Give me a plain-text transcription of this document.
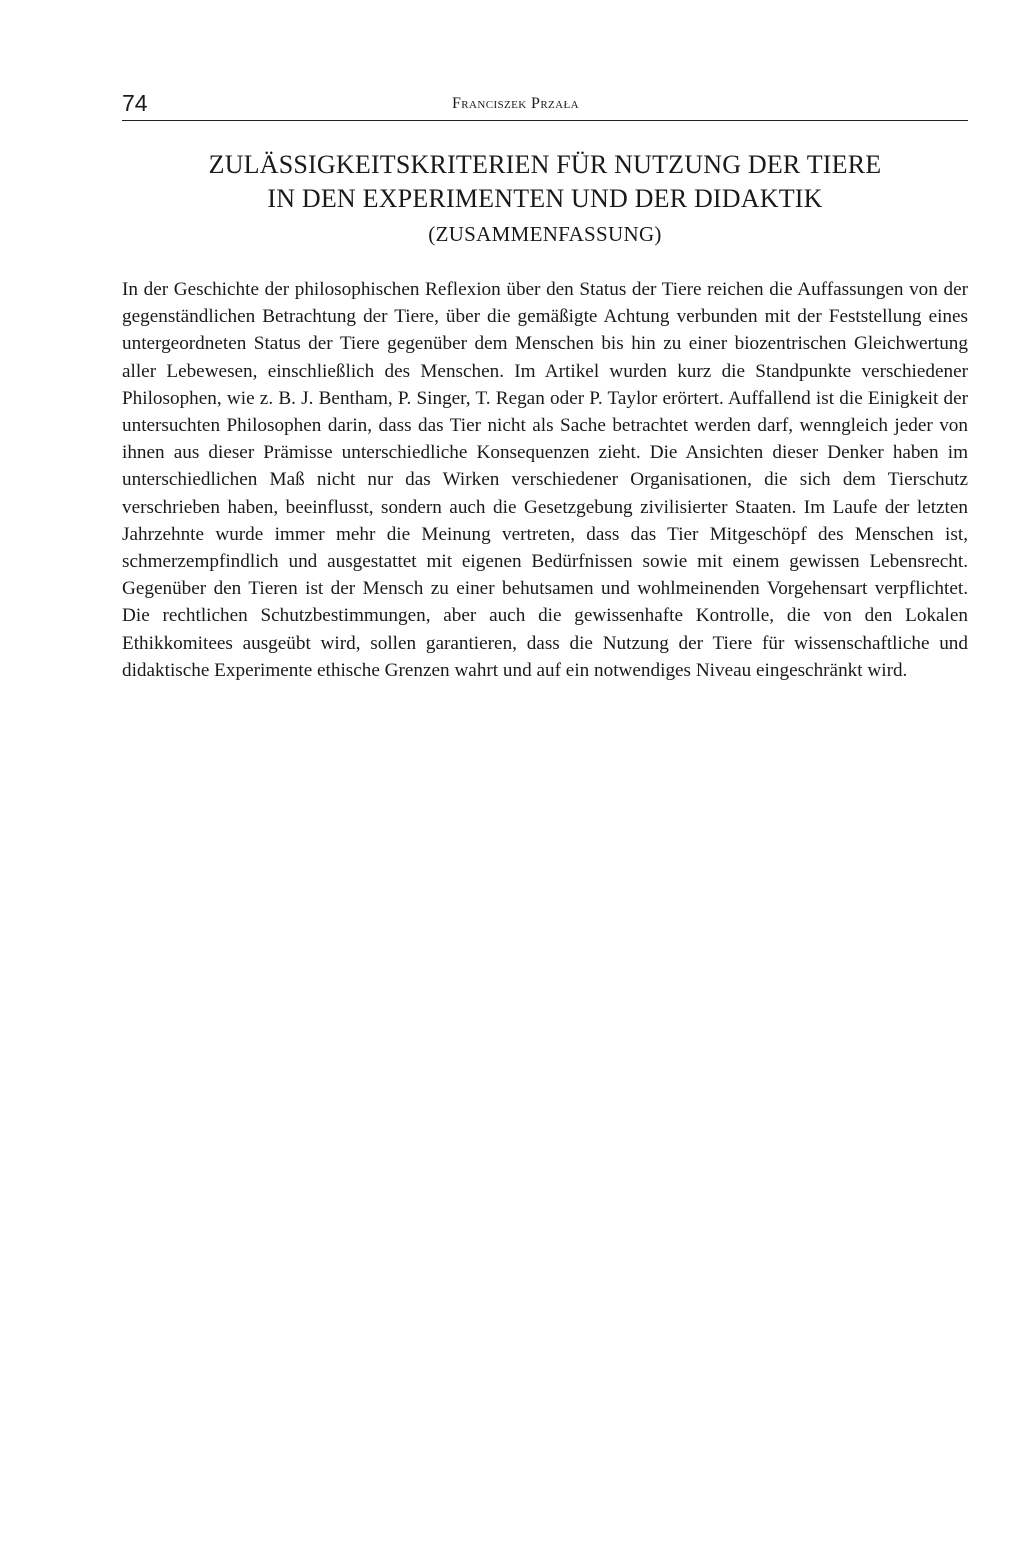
74	Franciszek Przała
ZULÄSSIGKEITSKRITERIEN FÜR NUTZUNG DER TIERE
IN DEN EXPERIMENTEN UND DER DIDAKTIK
(ZUSAMMENFASSUNG)

In der Geschichte der philosophischen Reflexion über den Status der Tiere reichen die Auffassungen von der gegenständlichen Betrachtung der Tiere, über die gemäßigte Achtung verbunden mit der Feststellung eines untergeordneten Status der Tiere gegenüber dem Menschen bis hin zu einer biozentrischen Gleichwertung aller Lebewesen, einschließlich des Menschen. Im Artikel wurden kurz die Standpunkte verschiedener Philosophen, wie z. B. J. Bentham, P. Singer, T. Regan oder P. Taylor erörtert. Auffallend ist die Einigkeit der untersuchten Philosophen darin, dass das Tier nicht als Sache betrachtet werden darf, wenngleich jeder von ihnen aus dieser Prämisse unterschiedliche Konsequenzen zieht. Die Ansichten dieser Denker haben im unterschiedlichen Maß nicht nur das Wirken verschiedener Organisationen, die sich dem Tierschutz verschrieben haben, beeinflusst, sondern auch die Gesetzgebung zivilisierter Staaten. Im Laufe der letzten Jahrzehnte wurde immer mehr die Meinung vertreten, dass das Tier Mitgeschöpf des Menschen ist, schmerzempfindlich und ausgestattet mit eigenen Bedürfnissen sowie mit einem gewissen Lebensrecht. Gegenüber den Tieren ist der Mensch zu einer behutsamen und wohlmeinenden Vorgehensart verpflichtet. Die rechtlichen Schutzbestimmungen, aber auch die gewissenhafte Kontrolle, die von den Lokalen Ethikkomitees ausgeübt wird, sollen garantieren, dass die Nutzung der Tiere für wissenschaftliche und didaktische Experimente ethische Grenzen wahrt und auf ein notwendiges Niveau eingeschränkt wird.
